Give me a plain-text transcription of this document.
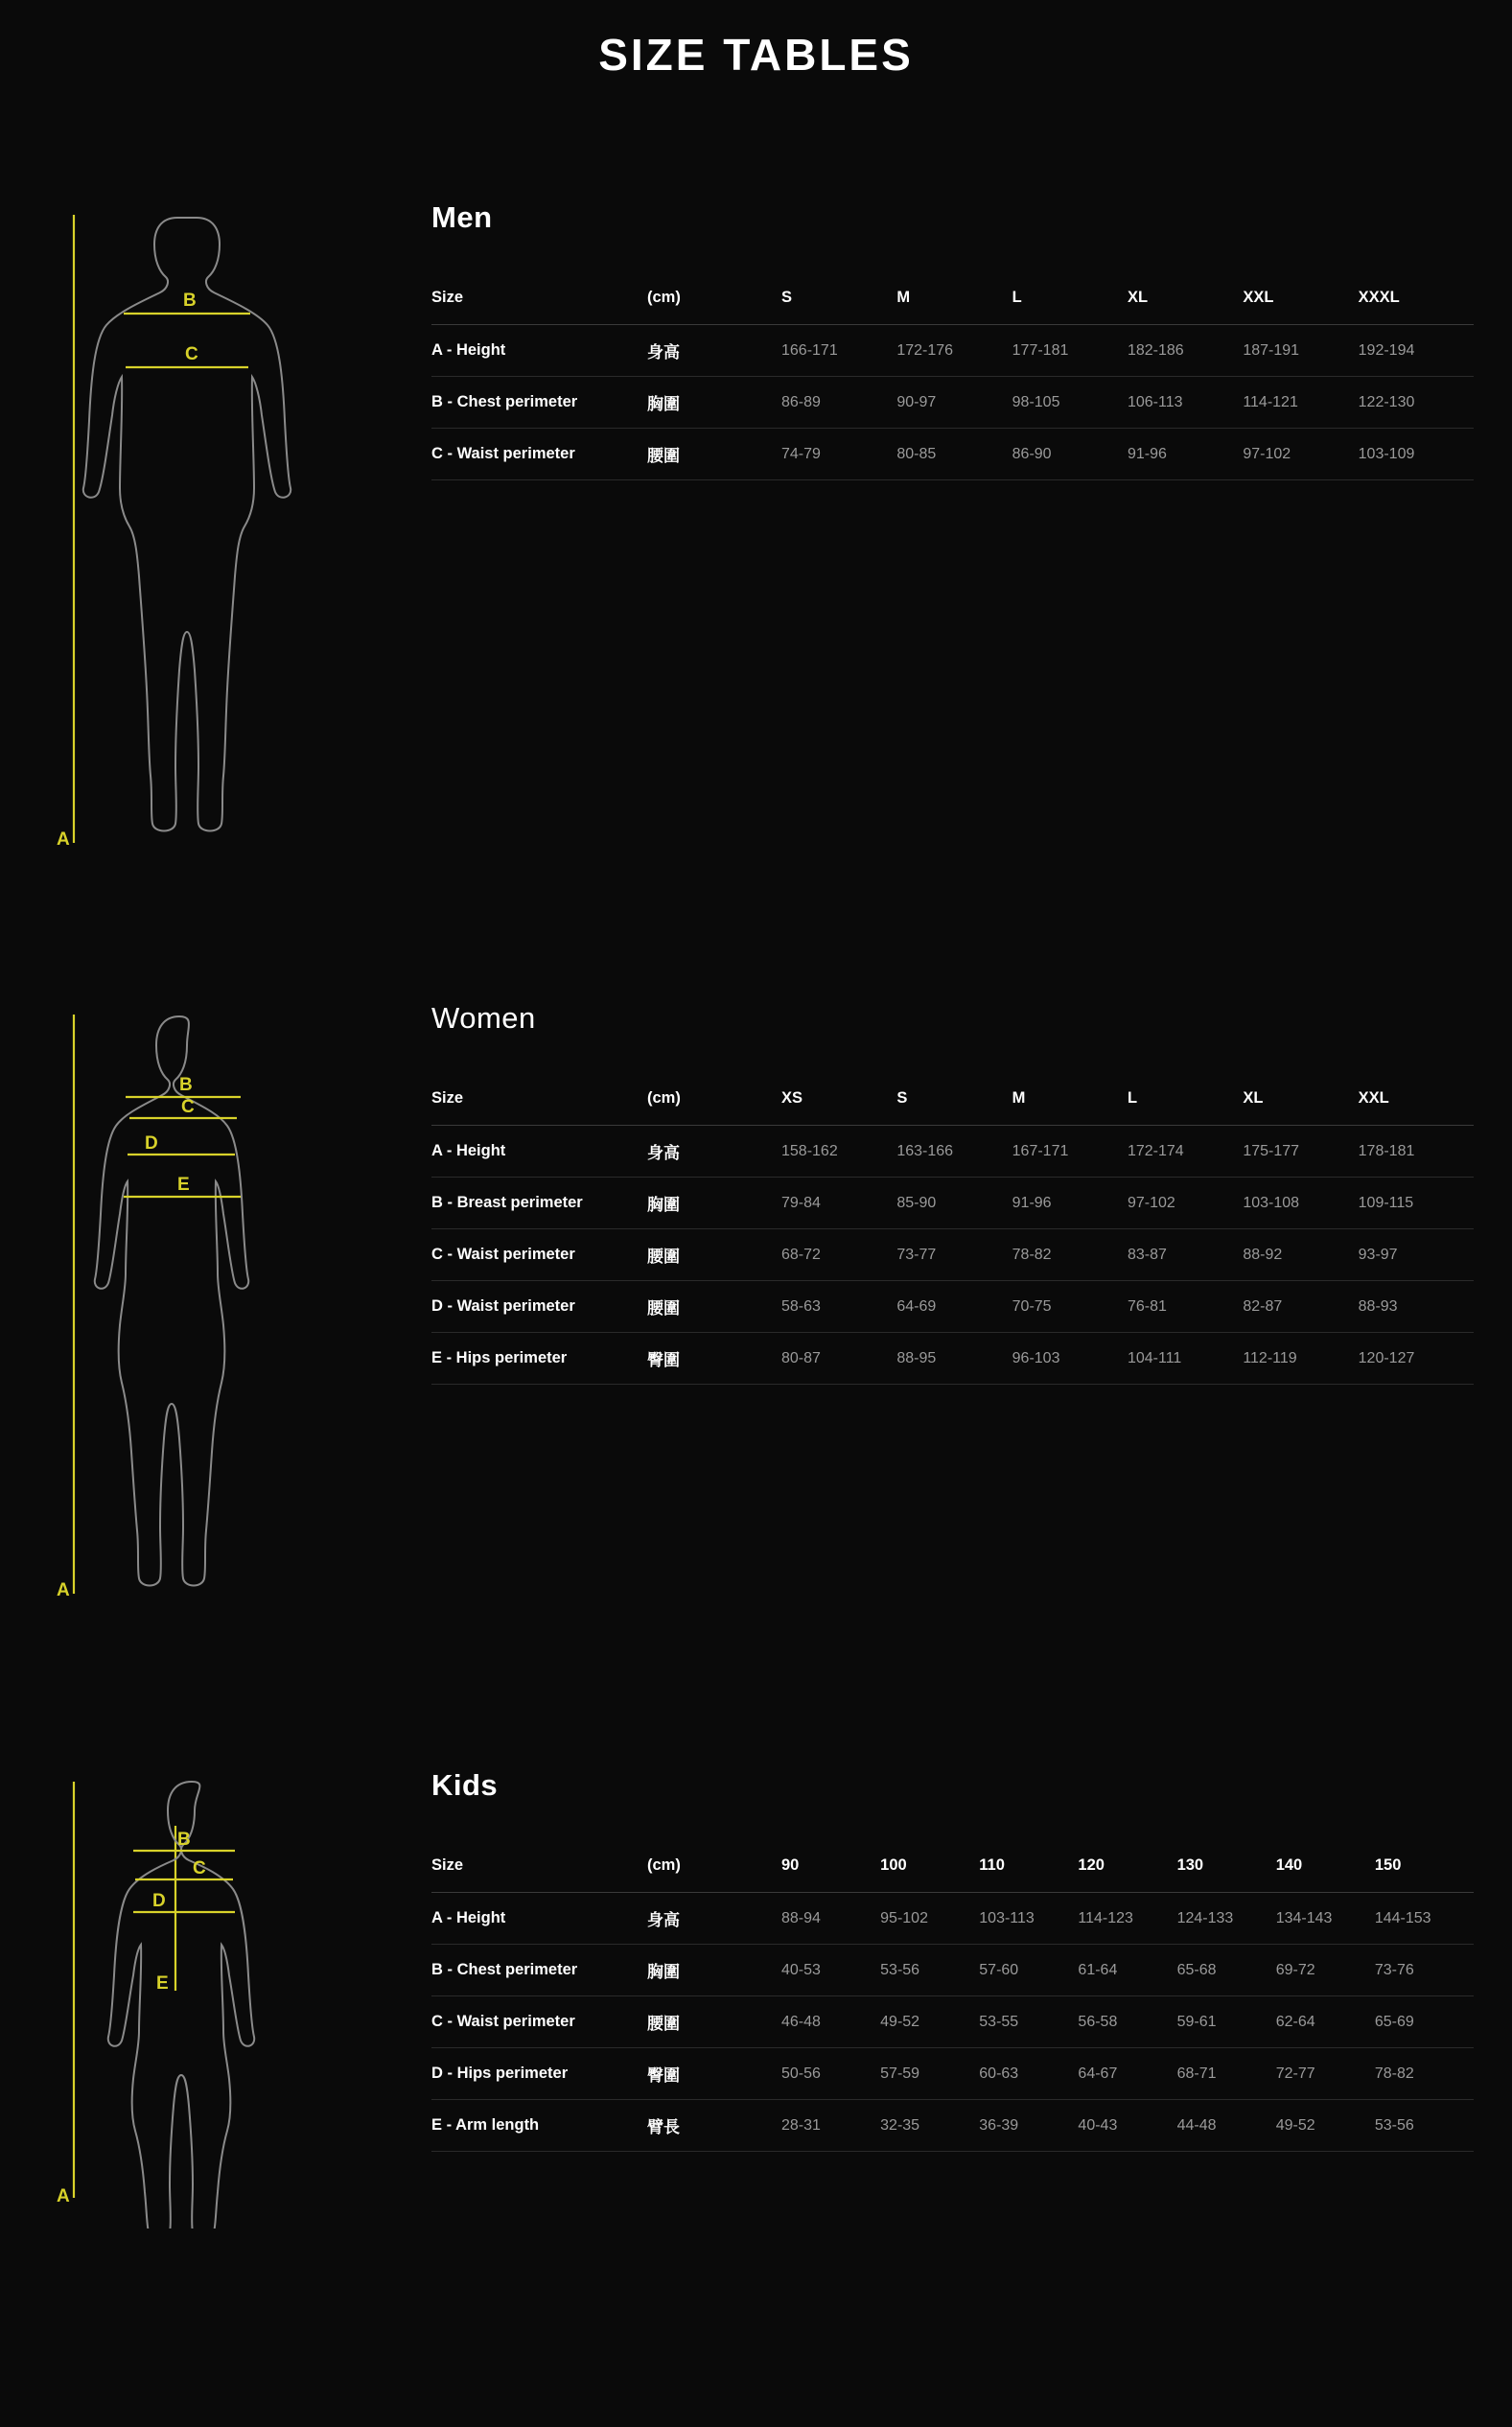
SIZE TABLES
A
B
C
Men
Size	(cm)	S	M	L	XL	XXL	XXXL
A - Height	身高	166-171	172-176	177-181	182-186	187-191	192-194
B - Chest perimeter	胸圍	86-89	90-97	98-105	106-113	114-121	122-130
C - Waist perimeter	腰圍	74-79	80-85	86-90	91-96	97-102	103-109
A
B
C
D
E
Women
Size	(cm)	XS	S	M	L	XL	XXL
A - Height	身高	158-162	163-166	167-171	172-174	175-177	178-181
B - Breast perimeter	胸圍	79-84	85-90	91-96	97-102	103-108	109-115
C - Waist perimeter	腰圍	68-72	73-77	78-82	83-87	88-92	93-97
D - Waist perimeter	腰圍	58-63	64-69	70-75	76-81	82-87	88-93
E - Hips perimeter	臀圍	80-87	88-95	96-103	104-111	112-119	120-127
A
E
B
C
D
Kids
Size	(cm)	90	100	110	120	130	140	150
A - Height	身高	88-94	95-102	103-113	114-123	124-133	134-143	144-153
B - Chest perimeter	胸圍	40-53	53-56	57-60	61-64	65-68	69-72	73-76
C - Waist perimeter	腰圍	46-48	49-52	53-55	56-58	59-61	62-64	65-69
D - Hips perimeter	臀圍	50-56	57-59	60-63	64-67	68-71	72-77	78-82
E - Arm length	臂長	28-31	32-35	36-39	40-43	44-48	49-52	53-56
